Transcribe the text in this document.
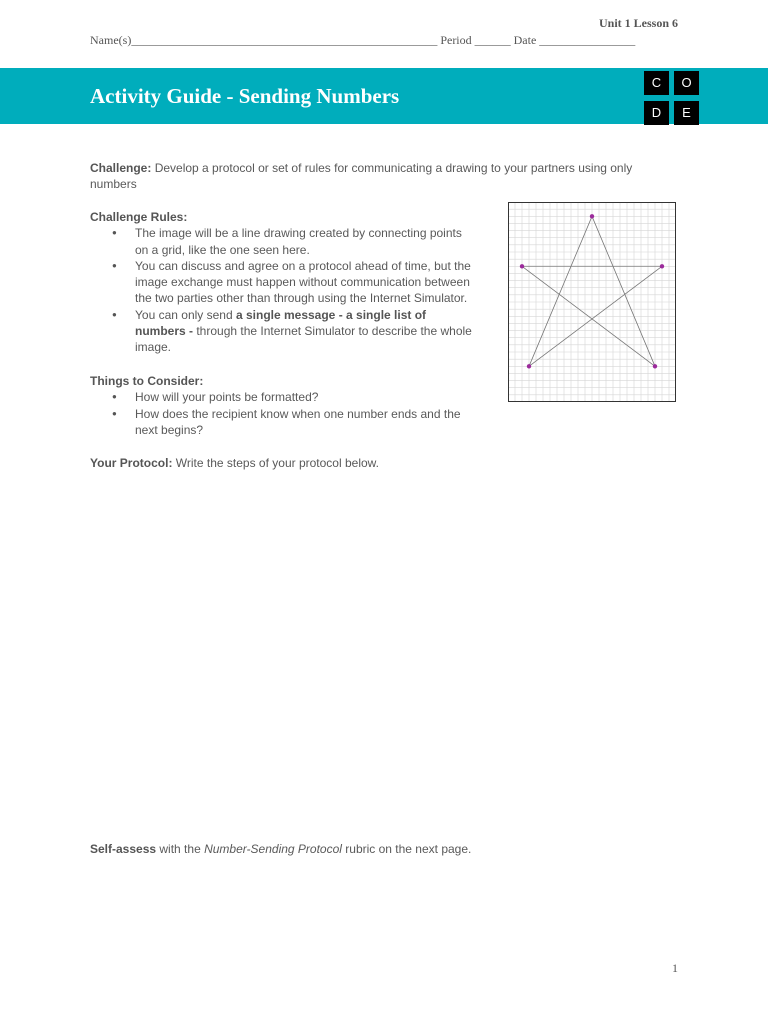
Unit 1 Lesson 6
Name(s)___________________________________________________ Period ______ Date ________________
Activity Guide - Sending Numbers
C	O
D	E
Challenge: Develop a protocol or set of rules for communicating a drawing to your partners using only
numbers
Challenge Rules:
● The image will be a line drawing created by connecting points
on a grid, like the one seen here.
● You can discuss and agree on a protocol ahead of time, but the
image exchange must happen without communication between
the two parties other than through using the Internet Simulator.
● You can only send a single message - a single list of
numbers - through the Internet Simulator to describe the whole
image.
Things to Consider:
● How will your points be formatted?
● How does the recipient know when one number ends and the
next begins?
Your Protocol: Write the steps of your protocol below.
Self-assess with the Number-Sending Protocol rubric on the next page.
1
